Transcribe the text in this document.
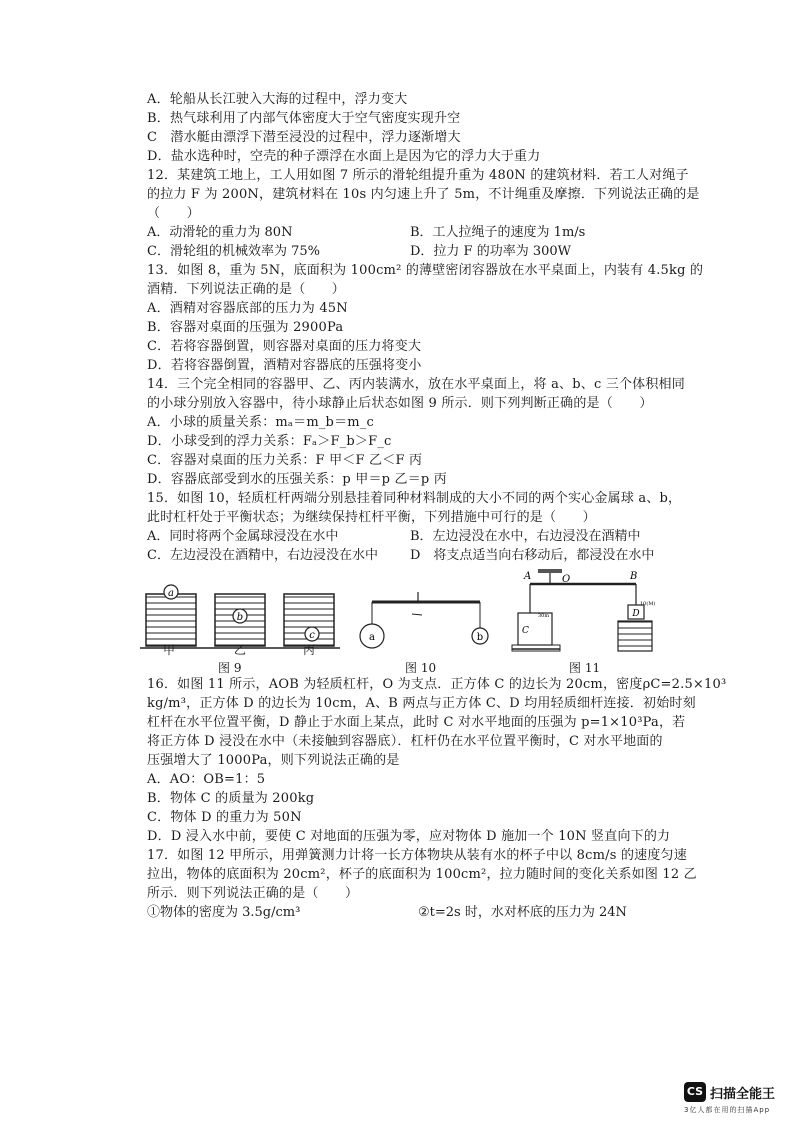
A．轮船从长江驶入大海的过程中，浮力变大
B．热气球利用了内部气体密度大于空气密度实现升空
C　潜水艇由漂浮下潜至浸没的过程中，浮力逐渐增大
D．盐水选种时，空壳的种子漂浮在水面上是因为它的浮力大于重力
12．某建筑工地上，工人用如图 7 所示的滑轮组提升重为 480N 的建筑材料．若工人对绳子
的拉力 F 为 200N，建筑材料在 10s 内匀速上升了 5m，不计绳重及摩擦．下列说法正确的是
（　　）
A．动滑轮的重力为 80N	B．工人拉绳子的速度为 1m/s
C．滑轮组的机械效率为 75%	D．拉力 F 的功率为 300W
13．如图 8，重为 5N，底面积为 100cm² 的薄壁密闭容器放在水平桌面上，内装有 4.5kg 的
酒精．下列说法正确的是（　　）
A．酒精对容器底部的压力为 45N
B．容器对桌面的压强为 2900Pa
C．若将容器倒置，则容器对桌面的压力将变大
D．若将容器倒置，酒精对容器底的压强将变小
14．三个完全相同的容器甲、乙、丙内装满水，放在水平桌面上，将 a、b、c 三个体积相同
的小球分别放入容器中，待小球静止后状态如图 9 所示．则下列判断正确的是（　　）
A．小球的质量关系：mₐ＝m_b＝m_c
D．小球受到的浮力关系：Fₐ＞F_b＞F_c
C．容器对桌面的压力关系：F 甲＜F 乙＜F 丙
D．容器底部受到水的压强关系：p 甲＝p 乙＝p 丙
15．如图 10，轻质杠杆两端分别悬挂着同种材料制成的大小不同的两个实心金属球 a、b，
此时杠杆处于平衡状态；为继续保持杠杆平衡，下列措施中可行的是（　　）
A．同时将两个金属球浸没在水中	B．左边浸没在水中，右边浸没在酒精中
C．左边浸没在酒精中，右边浸没在水中 D　将支点适当向右移动后，都浸没在水中
a
b
c
甲	乙	丙
图 9
a	b
图 10
A	O	B
C
30m	D
10(M)
图 11
16．如图 11 所示，AOB 为轻质杠杆，O 为支点．正方体 C 的边长为 20cm，密度ρC=2.5×10³
kg/m³，正方体 D 的边长为 10cm，A、B 两点与正方体 C、D 均用轻质细杆连接．初始时刻
杠杆在水平位置平衡，D 静止于水面上某点，此时 C 对水平地面的压强为 p=1×10³Pa，若
将正方体 D 浸没在水中（未接触到容器底）．杠杆仍在水平位置平衡时，C 对水平地面的
压强增大了 1000Pa，则下列说法正确的是
A．AO：OB=1：5
B．物体 C 的质量为 200kg
C．物体 D 的重力为 50N
D．D 浸入水中前，要使 C 对地面的压强为零，应对物体 D 施加一个 10N 竖直向下的力
17．如图 12 甲所示，用弹簧测力计将一长方体物块从装有水的杯子中以 8cm/s 的速度匀速
拉出，物体的底面积为 20cm²，杯子的底面积为 100cm²，拉力随时间的变化关系如图 12 乙
所示．则下列说法正确的是（　　）
①物体的密度为 3.5g/cm³	②t=2s 时，水对杯底的压力为 24N
CS 扫描全能王
3亿人都在用的扫描App
